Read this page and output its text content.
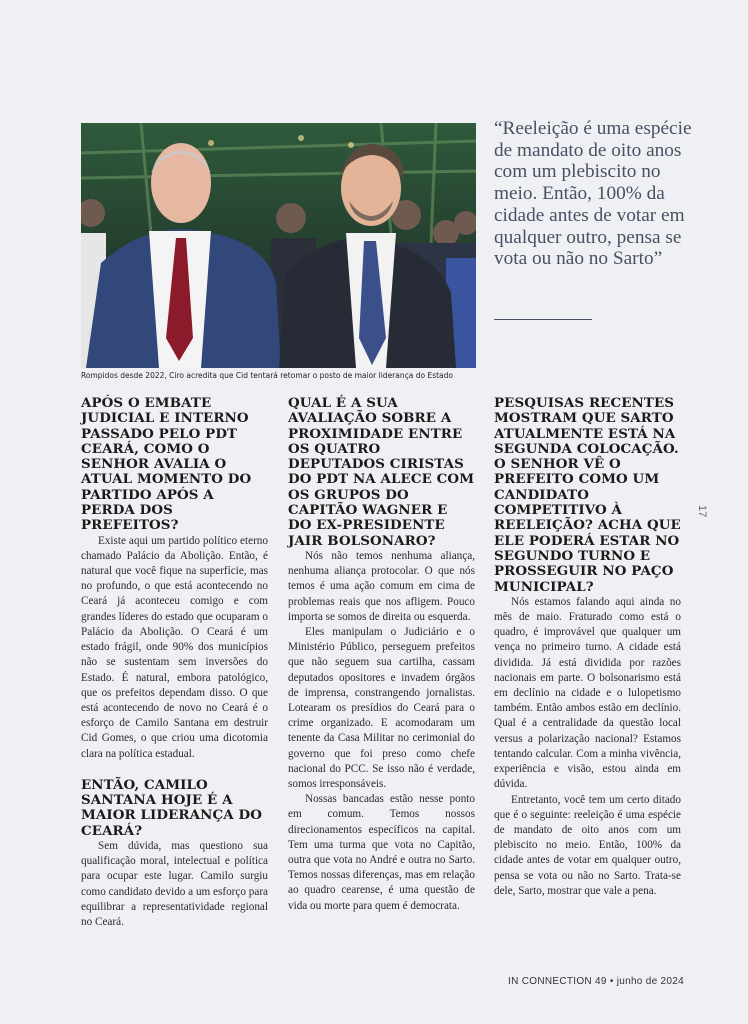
Rompidos desde 2022, Ciro acredita que Cid tentará retomar o posto de maior liderança do Estado
“Reeleição é uma espécie de mandato de oito anos com um plebiscito no meio. Então, 100% da cidade antes de votar em qualquer outro, pensa se vota ou não no Sarto”
APÓS O EMBATE JUDICIAL E INTERNO PASSADO PELO PDT CEARÁ, COMO O SENHOR AVALIA O ATUAL MOMENTO DO PARTIDO APÓS A PERDA DOS PREFEITOS?

Existe aqui um partido político eterno chamado Palácio da Abolição. Então, é natural que você fique na superfície, mas no profundo, o que está acontecendo no Ceará já aconteceu comigo e com grandes líderes do estado que ocuparam o Palácio da Abolição. O Ceará é um estado frágil, onde 90% dos municípios não se sustentam sem inversões do Estado. É natural, embora patológico, que os prefeitos dependam disso. O que está acontecendo de novo no Ceará é o esforço de Camilo Santana em destruir Cid Gomes, o que criou uma dicotomia clara na política estadual.

ENTÃO, CAMILO SANTANA HOJE É A MAIOR LIDERANÇA DO CEARÁ?

Sem dúvida, mas questiono sua qualificação moral, intelectual e política para ocupar este lugar. Camilo surgiu como candidato devido a um esforço para equilibrar a representatividade regional no Ceará.

QUAL É A SUA AVALIAÇÃO SOBRE A PROXIMIDADE ENTRE OS QUATRO DEPUTADOS CIRISTAS DO PDT NA ALECE COM OS GRUPOS DO CAPITÃO WAGNER E DO EX-PRESIDENTE JAIR BOLSONARO?

Nós não temos nenhuma aliança, nenhuma aliança protocolar. O que nós temos é uma ação comum em cima de problemas reais que nos afligem. Pouco importa se somos de direita ou esquerda.

Eles manipulam o Judiciário e o Ministério Público, perseguem prefeitos que não seguem sua cartilha, cassam deputados opositores e invadem órgãos de imprensa, constrangendo jornalistas. Lotearam os presídios do Ceará para o crime organizado. E acomodaram um tenente da Casa Militar no cerimonial do governo que foi preso como chefe nacional do PCC. Se isso não é verdade, somos irresponsáveis.

Nossas bancadas estão nesse ponto em comum. Temos nossos direcionamentos específicos na capital. Tem uma turma que vota no Capitão, outra que vota no André e outra no Sarto. Temos nossas diferenças, mas em relação ao quadro cearense, é uma questão de vida ou morte para quem é democrata.

PESQUISAS RECENTES MOSTRAM QUE SARTO ATUALMENTE ESTÁ NA SEGUNDA COLOCAÇÃO. O SENHOR VÊ O PREFEITO COMO UM CANDIDATO COMPETITIVO À REELEIÇÃO? ACHA QUE ELE PODERÁ ESTAR NO SEGUNDO TURNO E PROSSEGUIR NO PAÇO MUNICIPAL?

Nós estamos falando aqui ainda no mês de maio. Fraturado como está o quadro, é improvável que qualquer um vença no primeiro turno. A cidade está dividida. Já está dividida por razões nacionais em parte. O bolsonarismo está em declínio na cidade e o lulopetismo também. Então ambos estão em declínio. Qual é a centralidade da questão local versus a polarização nacional? Estamos tentando calcular. Com a minha vivência, experiência e visão, estou ainda em dúvida.

Entretanto, você tem um certo ditado que é o seguinte: reeleição é uma espécie de mandato de oito anos com um plebiscito no meio. Então, 100% da cidade antes de votar em qualquer outro, pensa se vota ou não no Sarto. Trata-se dele, Sarto, mostrar que vale a pena.

17
IN CONNECTION 49 • junho de 2024
